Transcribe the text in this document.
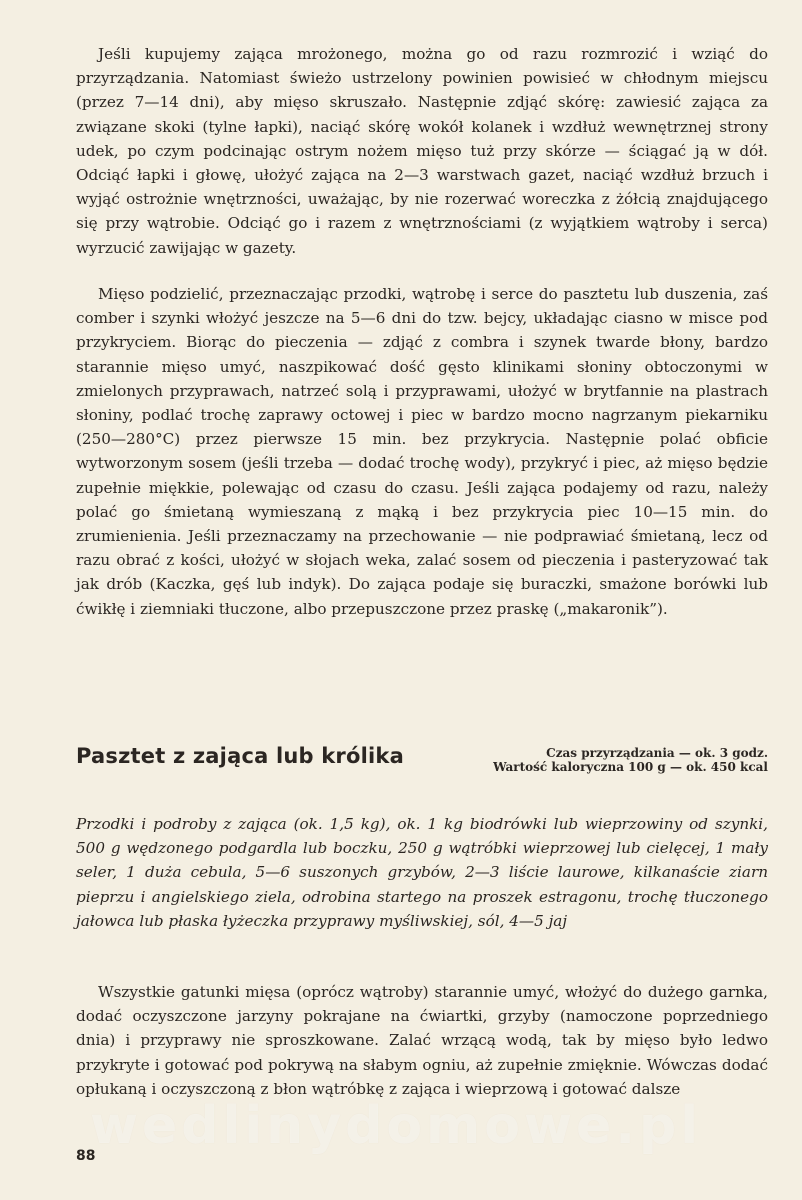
Jeśli kupujemy zająca mrożonego, można go od razu rozmrozić i wziąć do przyrządzania. Natomiast świeżo ustrzelony powinien powisieć w chłodnym miejscu (przez 7—14 dni), aby mięso skruszało. Następnie zdjąć skórę: zawiesić zająca za związane skoki (tylne łapki), naciąć skórę wokół kolanek i wzdłuż wewnętrznej strony udek, po czym podcinając ostrym nożem mięso tuż przy skórze — ściągać ją w dół. Odciąć łapki i głowę, ułożyć zająca na 2—3 warstwach gazet, naciąć wzdłuż brzuch i wyjąć ostrożnie wnętrzności, uważając, by nie rozerwać woreczka z żółcią znajdującego się przy wątrobie. Odciąć go i razem z wnętrznościami (z wyjątkiem wątroby i serca) wyrzucić zawijając w gazety.

Mięso podzielić, przeznaczając przodki, wątrobę i serce do pasztetu lub duszenia, zaś comber i szynki włożyć jeszcze na 5—6 dni do tzw. bejcy, układając ciasno w misce pod przykryciem. Biorąc do pieczenia — zdjąć z combra i szynek twarde błony, bardzo starannie mięso umyć, naszpikować dość gęsto klinikami słoniny obtoczonymi w zmielonych przyprawach, natrzeć solą i przyprawami, ułożyć w brytfannie na plastrach słoniny, podlać trochę zaprawy octowej i piec w bardzo mocno nagrzanym piekarniku (250—280°C) przez pierwsze 15 min. bez przykrycia. Następnie polać obficie wytworzonym sosem (jeśli trzeba — dodać trochę wody), przykryć i piec, aż mięso będzie zupełnie miękkie, polewając od czasu do czasu. Jeśli zająca podajemy od razu, należy polać go śmietaną wymieszaną z mąką i bez przykrycia piec 10—15 min. do zrumienienia. Jeśli przeznaczamy na przechowanie — nie podprawiać śmietaną, lecz od razu obrać z kości, ułożyć w słojach weka, zalać sosem od pieczenia i pasteryzować tak jak drób (Kaczka, gęś lub indyk). Do zająca podaje się buraczki, smażone borówki lub ćwikłę i ziemniaki tłuczone, albo przepuszczone przez praskę („makaronik”).

Pasztet z zająca lub królika	Czas przyrządzania — ok. 3 godz.
Wartość kaloryczna 100 g — ok. 450 kcal

Przodki i podroby z zająca (ok. 1,5 kg), ok. 1 kg biodrówki lub wieprzowiny od szynki, 500 g wędzonego podgardla lub boczku, 250 g wątróbki wieprzowej lub cielęcej, 1 mały seler, 1 duża cebula, 5—6 suszonych grzybów, 2—3 liście laurowe, kilkanaście ziarn pieprzu i angielskiego ziela, odrobina startego na proszek estragonu, trochę tłuczonego jałowca lub płaska łyżeczka przyprawy myśliwskiej, sól, 4—5 jaj

Wszystkie gatunki mięsa (oprócz wątroby) starannie umyć, włożyć do dużego garnka, dodać oczyszczone jarzyny pokrajane na ćwiartki, grzyby (namoczone poprzedniego dnia) i przyprawy nie sproszkowane. Zalać wrzącą wodą, tak by mięso było ledwo przykryte i gotować pod pokrywą na słabym ogniu, aż zupełnie zmięknie. Wówczas dodać opłukaną i oczyszczoną z błon wątróbkę z zająca i wieprzową i gotować dalsze

wedlinydomowe.pl

88
